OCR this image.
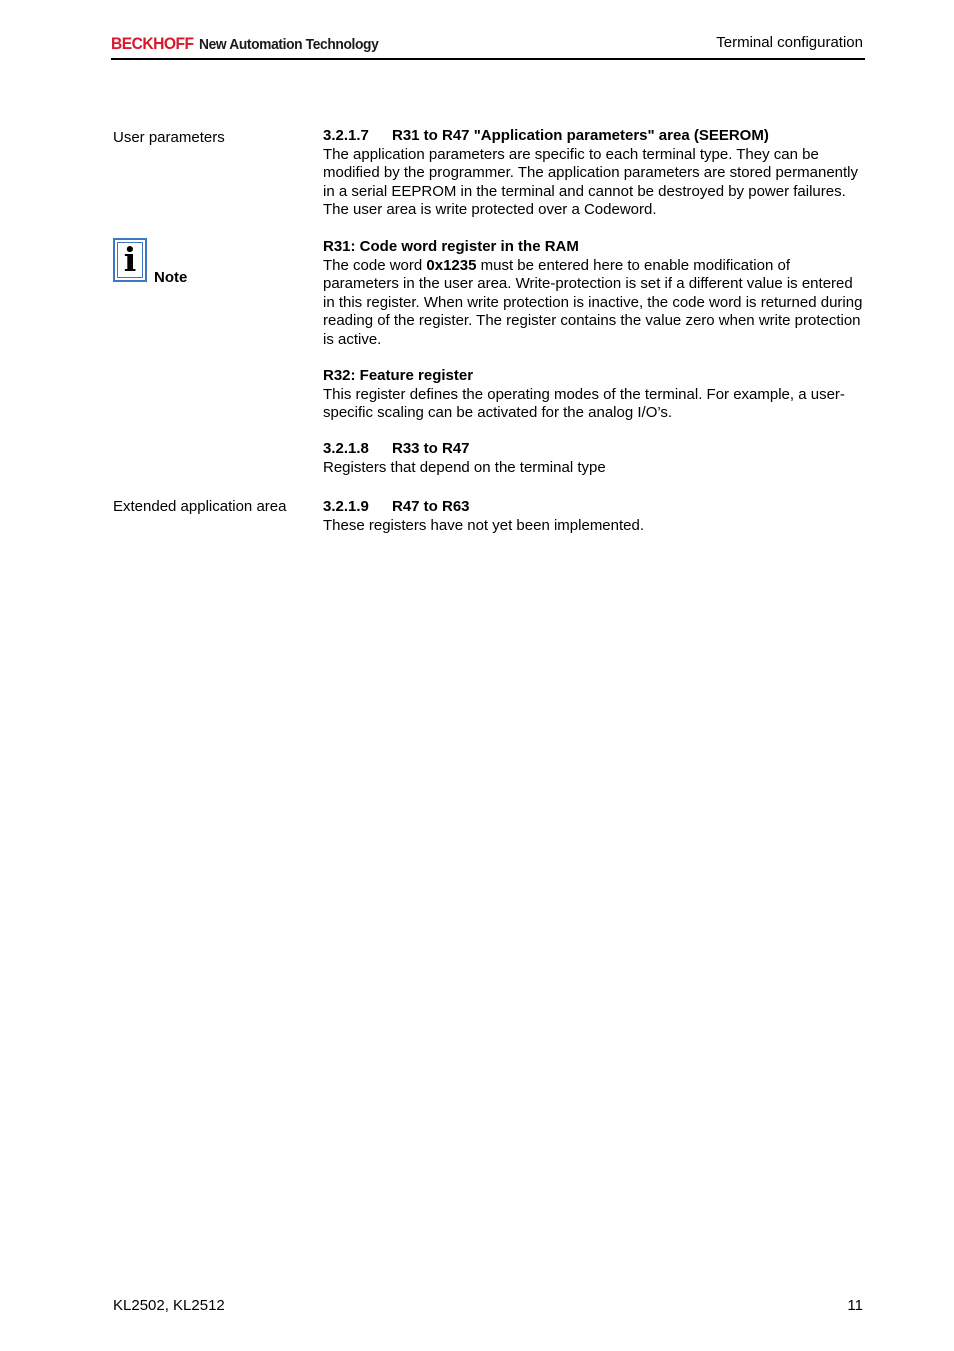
BECKHOFF New Automation Technology	Terminal configuration
User parameters	3.2.1.7 R31 to R47 "Application parameters" area (SEEROM)

The application parameters are specific to each terminal type. They can be modified by the programmer. The application parameters are stored permanently in a serial EEPROM in the terminal and cannot be destroyed by power failures. The user area is write protected over a Codeword.

i	Note

R31: Code word register in the RAM

The code word 0x1235 must be entered here to enable modification of parameters in the user area. Write-protection is set if a different value is entered in this register. When write protection is inactive, the code word is returned during reading of the register. The register contains the value zero when write protection is active.

R32: Feature register

This register defines the operating modes of the terminal. For example, a user-specific scaling can be activated for the analog I/O’s.

3.2.1.8 R33 to R47

Registers that depend on the terminal type

Extended application area 3.2.1.9 R47 to R63

These registers have not yet been implemented.

KL2502, KL2512	11
